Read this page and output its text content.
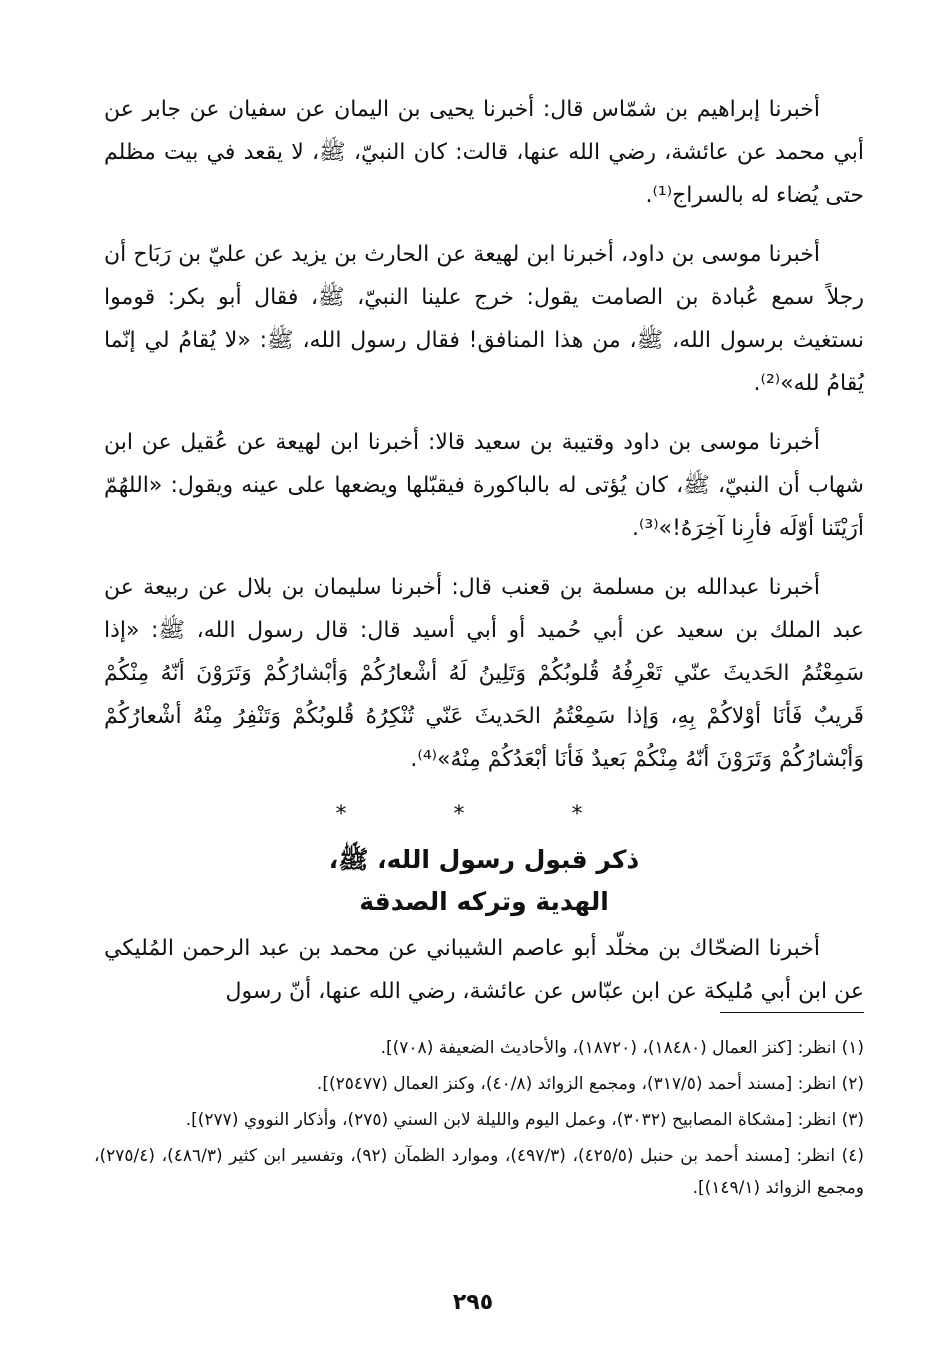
أخبرنا إبراهيم بن شمّاس قال: أخبرنا يحيى بن اليمان عن سفيان عن جابر عن أبي محمد عن عائشة، رضي الله عنها، قالت: كان النبيّ، ﷺ، لا يقعد في بيت مظلم حتى يُضاء له بالسراج⁽¹⁾.

أخبرنا موسى بن داود، أخبرنا ابن لهيعة عن الحارث بن يزيد عن عليّ بن رَبَاح أن رجلاً سمع عُبادة بن الصامت يقول: خرج علينا النبيّ، ﷺ، فقال أبو بكر: قوموا نستغيث برسول الله، ﷺ، من هذا المنافق! فقال رسول الله، ﷺ: «لا يُقامُ لي إنّما يُقامُ لله»⁽²⁾.

أخبرنا موسى بن داود وقتيبة بن سعيد قالا: أخبرنا ابن لهيعة عن عُقيل عن ابن شهاب أن النبيّ، ﷺ، كان يُؤتى له بالباكورة فيقبّلها ويضعها على عينه ويقول: «اللهُمّ أرَيْتَنا أوّلَه فأرِنا آخِرَهُ!»⁽³⁾.

أخبرنا عبدالله بن مسلمة بن قعنب قال: أخبرنا سليمان بن بلال عن ربيعة عن عبد الملك بن سعيد عن أبي حُميد أو أبي أسيد قال: قال رسول الله، ﷺ: «إذا سَمِعْتُمُ الحَديثَ عنّي تَعْرِفُهُ قُلوبُكُمْ وَتَلِينُ لَهُ أشْعارُكُمْ وَأبْشارُكُمْ وَتَرَوْنَ أنّهُ مِنْكُمْ قَريبٌ فَأنَا أوْلاكُمْ بِهِ، وَإذا سَمِعْتُمُ الحَديثَ عَنّي تُنْكِرُهُ قُلوبُكُمْ وَتَنْفِرُ مِنْهُ أشْعارُكُمْ وَأبْشارُكُمْ وَتَرَوْنَ أنّهُ مِنْكُمْ بَعيدٌ فَأنَا أبْعَدُكُمْ مِنْهُ»⁽⁴⁾.

* * *

ذكر قبول رسول الله، ﷺ،

الهدية وتركه الصدقة

أخبرنا الضحّاك بن مخلّد أبو عاصم الشيباني عن محمد بن عبد الرحمن المُليكي عن ابن أبي مُليكة عن ابن عبّاس عن عائشة، رضي الله عنها، أنّ رسول

(١) انظر: [كنز العمال (١٨٤٨٠)، (١٨٧٢٠)، والأحاديث الضعيفة (٧٠٨)].

(٢) انظر: [مسند أحمد (٣١٧/٥)، ومجمع الزوائد (٤٠/٨)، وكنز العمال (٢٥٤٧٧)].

(٣) انظر: [مشكاة المصابيح (٣٠٣٢)، وعمل اليوم والليلة لابن السني (٢٧٥)، وأذكار النووي (٢٧٧)].

(٤) انظر: [مسند أحمد بن حنبل (٤٢٥/٥)، (٤٩٧/٣)، وموارد الظمآن (٩٢)، وتفسير ابن كثير (٤٨٦/٣)، (٢٧٥/٤)، ومجمع الزوائد (١٤٩/١)].

٢٩٥
